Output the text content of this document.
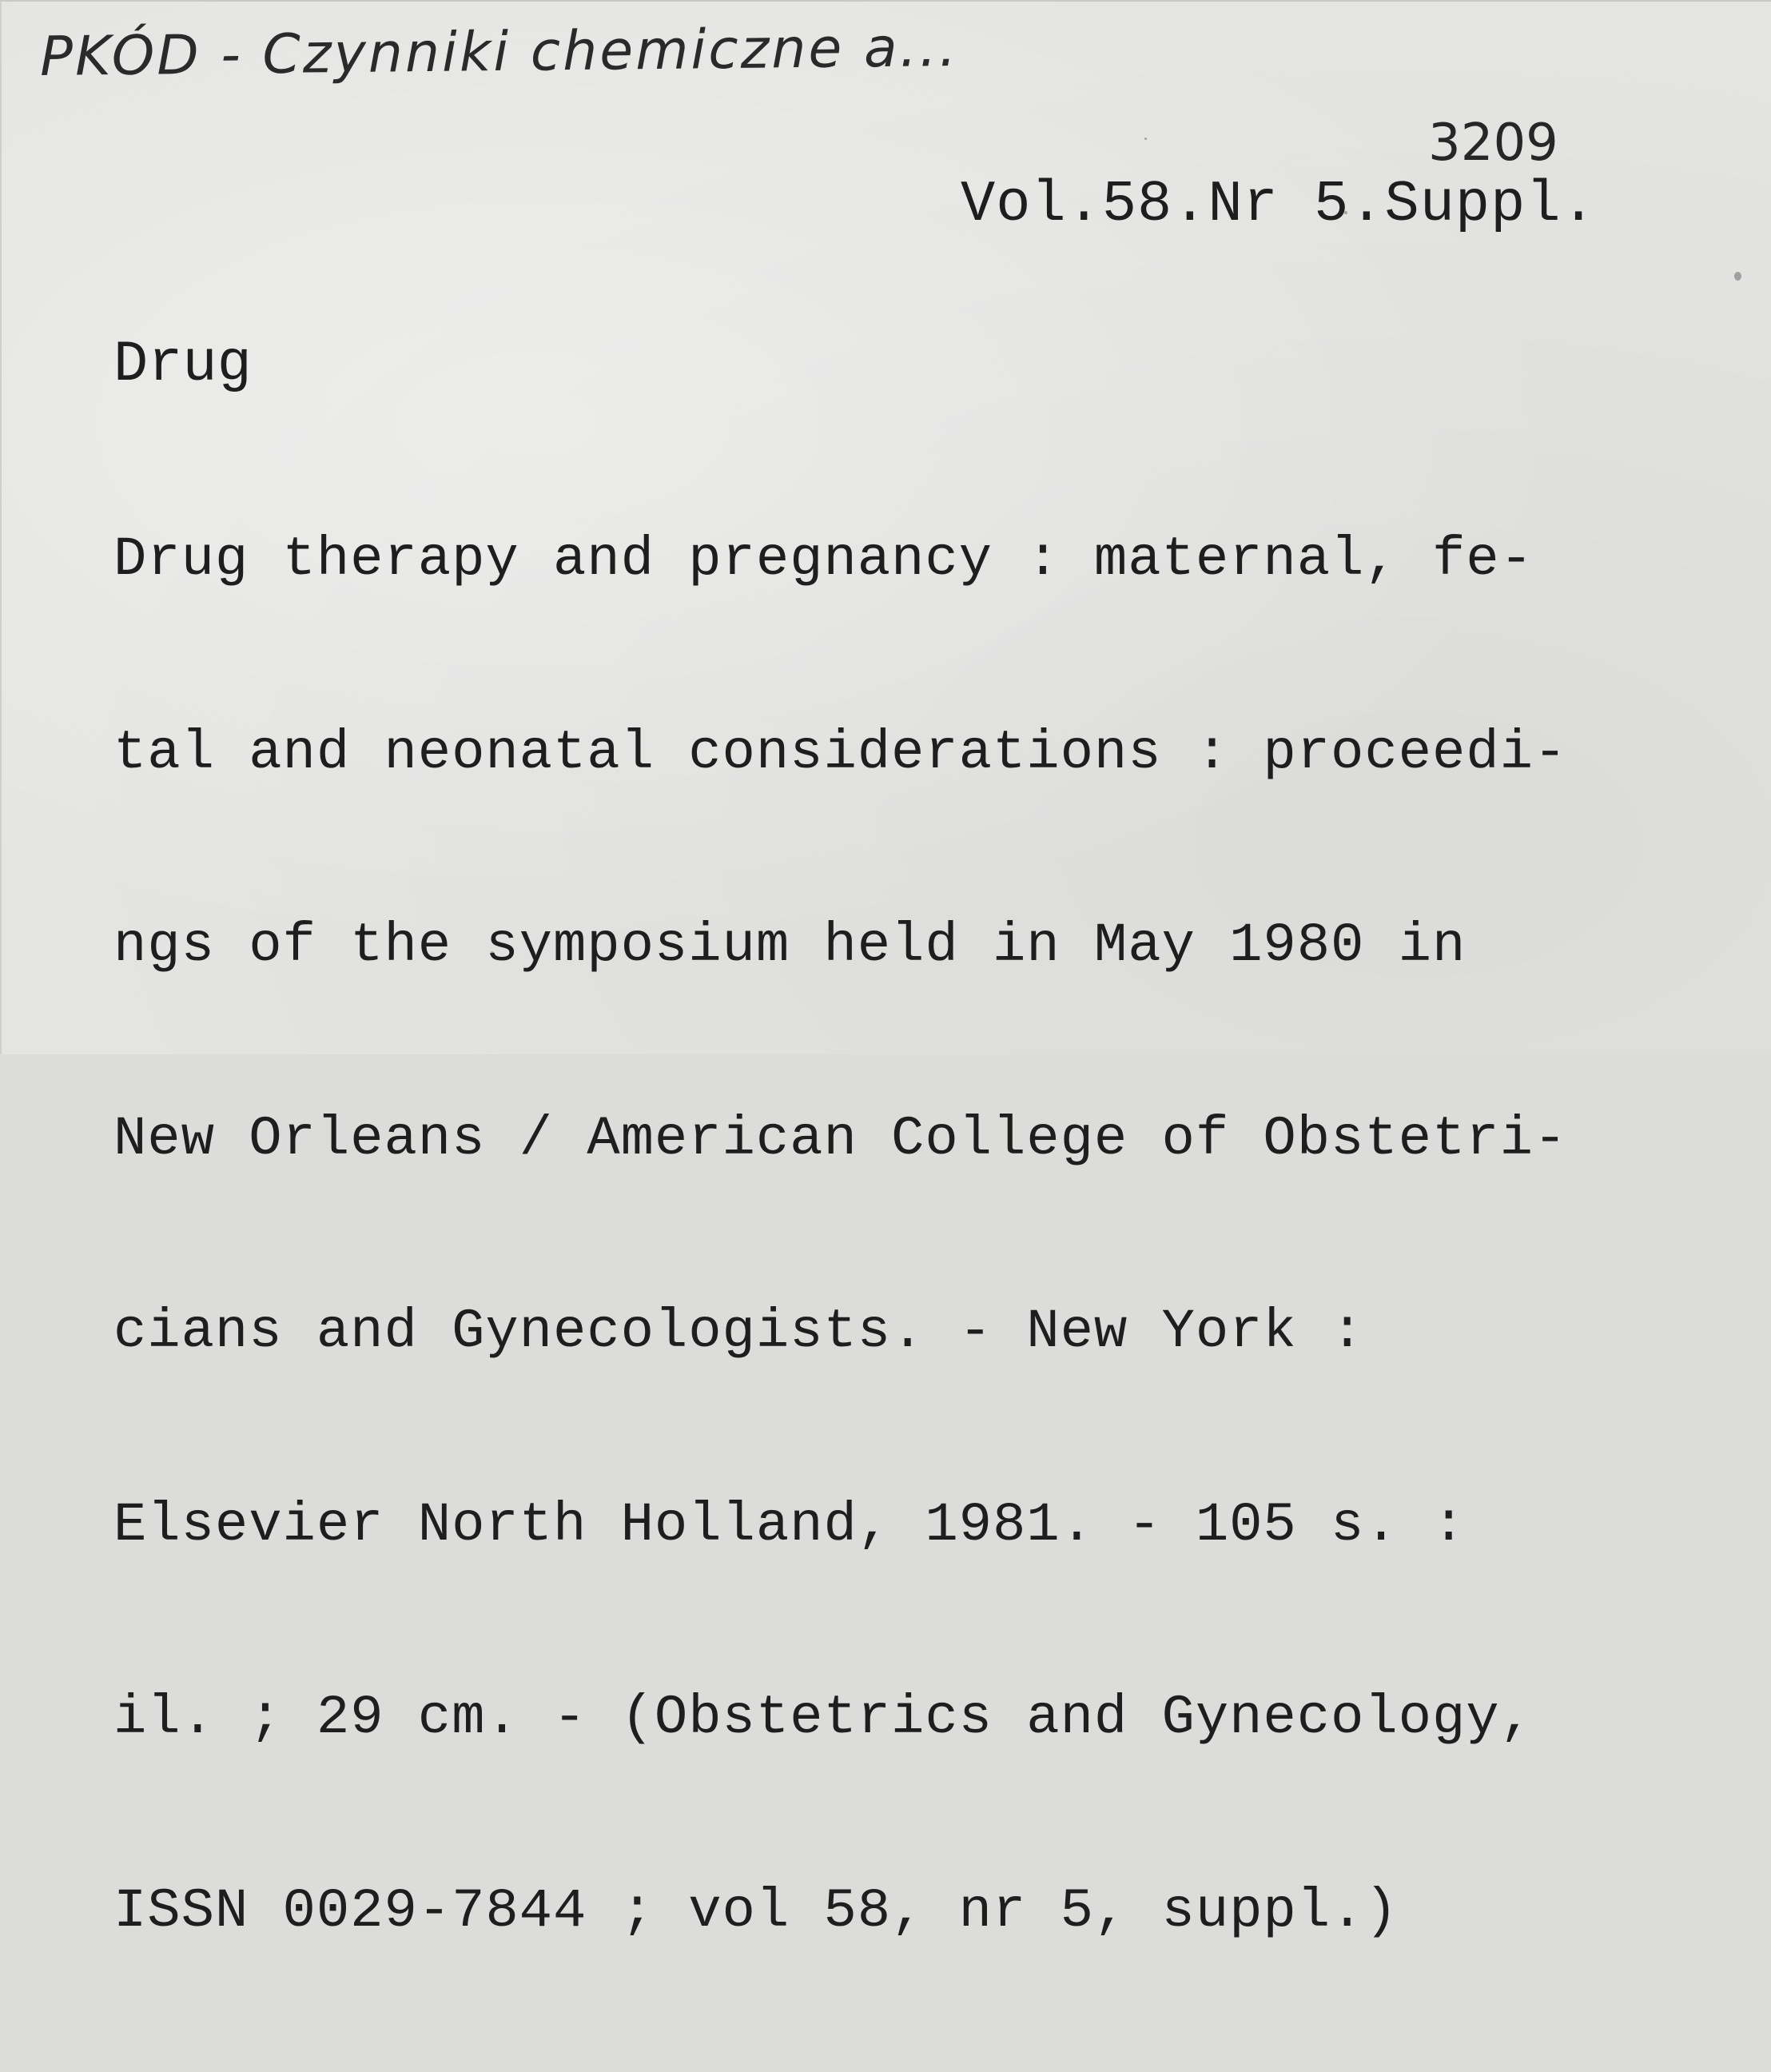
PKÓD - Czynniki chemiczne a...
3209
Vol.58.Nr 5.Suppl.
Drug

Drug therapy and pregnancy : maternal, fe-

tal and neonatal considerations : proceedi-

ngs of the symposium held in May 1980 in

New Orleans / American College of Obstetri-

cians and Gynecologists. - New York :

Elsevier North Holland, 1981. - 105 s. :

il. ; 29 cm. - (Obstetrics and Gynecology,

ISSN 0029-7844 ; vol 58, nr 5, suppl.)
